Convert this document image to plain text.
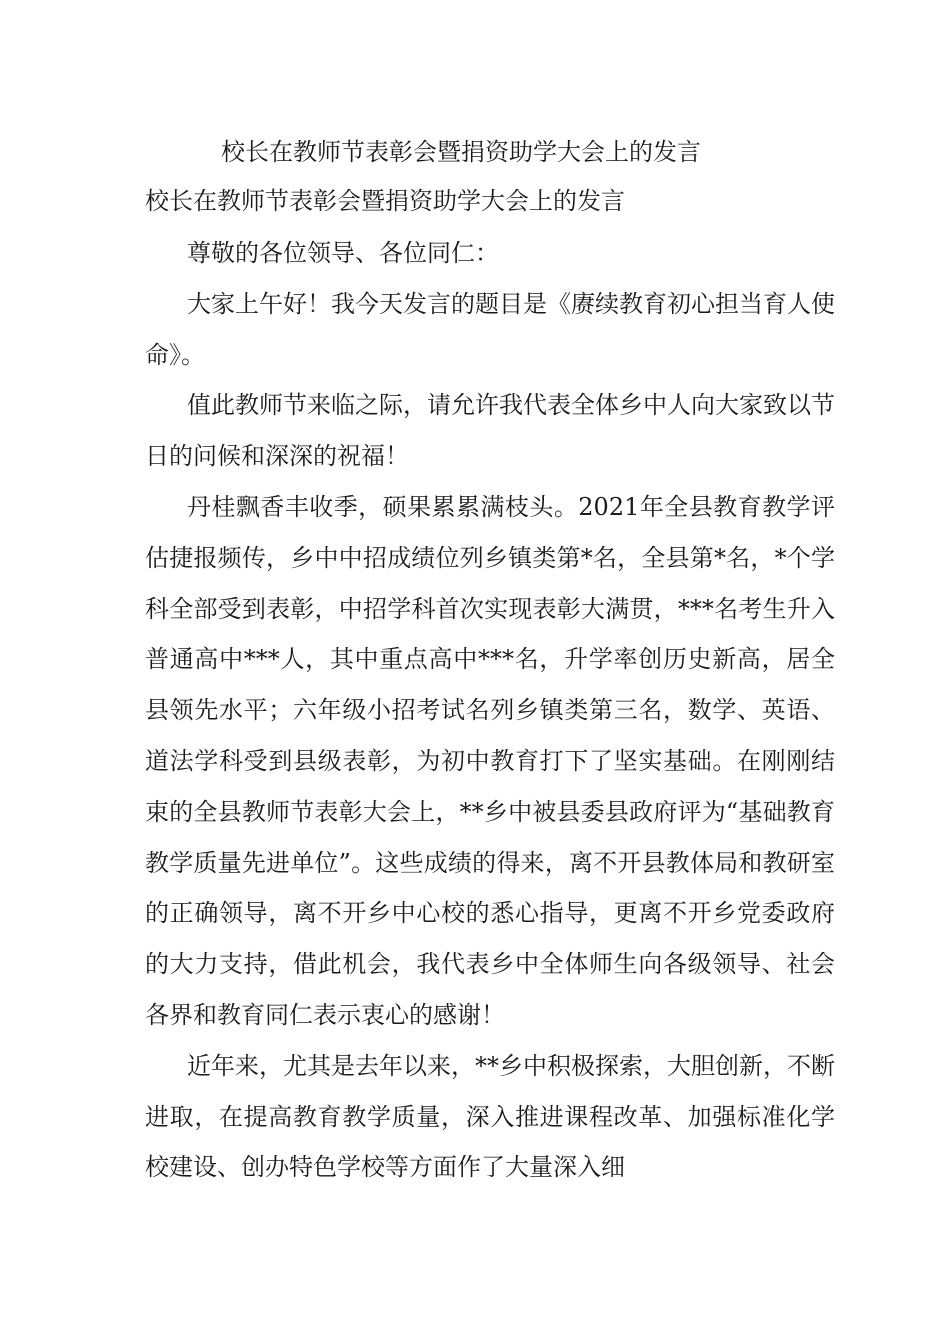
校长在教师节表彰会暨捐资助学大会上的发言
校长在教师节表彰会暨捐资助学大会上的发言

尊敬的各位领导、各位同仁：

大家上午好！我今天发言的题目是《赓续教育初心担当育人使命》。

值此教师节来临之际，请允许我代表全体乡中人向大家致以节日的问候和深深的祝福！

丹桂飘香丰收季，硕果累累满枝头。2021年全县教育教学评估捷报频传，乡中中招成绩位列乡镇类第*名，全县第*名，*个学科全部受到表彰，中招学科首次实现表彰大满贯，***名考生升入普通高中***人，其中重点高中***名，升学率创历史新高，居全县领先水平；六年级小招考试名列乡镇类第三名，数学、英语、道法学科受到县级表彰，为初中教育打下了坚实基础。在刚刚结束的全县教师节表彰大会上，**乡中被县委县政府评为“基础教育教学质量先进单位”。这些成绩的得来，离不开县教体局和教研室的正确领导，离不开乡中心校的悉心指导，更离不开乡党委政府的大力支持，借此机会，我代表乡中全体师生向各级领导、社会各界和教育同仁表示衷心的感谢！

近年来，尤其是去年以来，**乡中积极探索，大胆创新，不断进取，在提高教育教学质量，深入推进课程改革、加强标准化学校建设、创办特色学校等方面作了大量深入细
